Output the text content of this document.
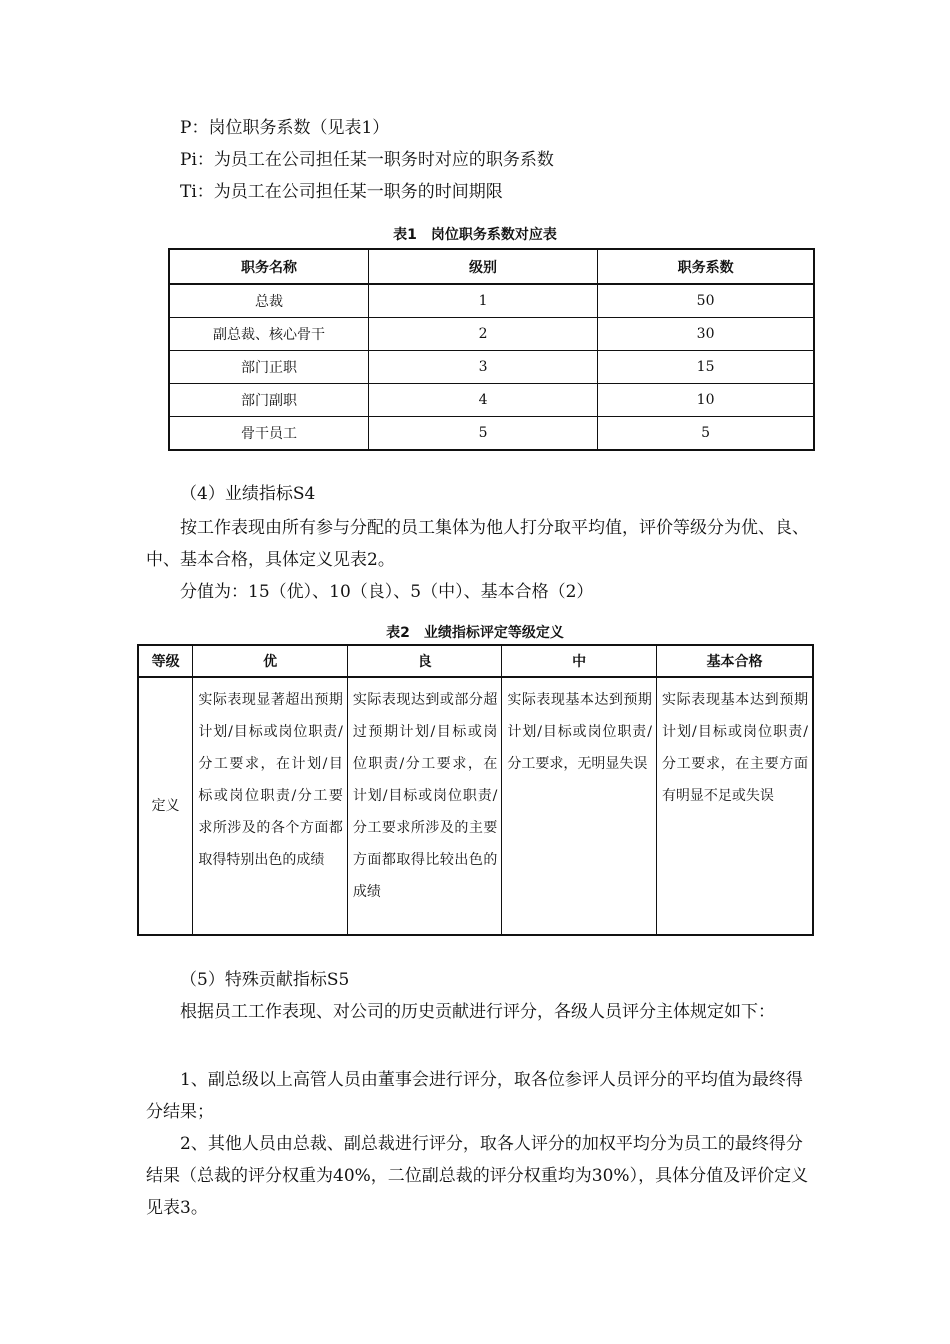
P：岗位职务系数（见表1）
Pi：为员工在公司担任某一职务时对应的职务系数
Ti：为员工在公司担任某一职务的时间期限
表1　岗位职务系数对应表
职务名称	级别	职务系数
总裁	1	50
副总裁、核心骨干	2	30
部门正职	3	15
部门副职	4	10
骨干员工	5	5
（4）业绩指标S4

按工作表现由所有参与分配的员工集体为他人打分取平均值，评价等级分为优、良、中、基本合格，具体定义见表2。

分值为：15（优）、10（良）、5（中）、基本合格（2）
表2　业绩指标评定等级定义
等级	优	良	中	基本合格
定义	实际表现显著超出预期计划/目标或岗位职责/分工要求，在计划/目标或岗位职责/分工要求所涉及的各个方面都取得特别出色的成绩	实际表现达到或部分超过预期计划/目标或岗位职责/分工要求，在计划/目标或岗位职责/分工要求所涉及的主要方面都取得比较出色的成绩	实际表现基本达到预期计划/目标或岗位职责/分工要求，无明显失误	实际表现基本达到预期计划/目标或岗位职责/分工要求，在主要方面有明显不足或失误
（5）特殊贡献指标S5

根据员工工作表现、对公司的历史贡献进行评分，各级人员评分主体规定如下：

1、副总级以上高管人员由董事会进行评分，取各位参评人员评分的平均值为最终得分结果；

2、其他人员由总裁、副总裁进行评分，取各人评分的加权平均分为员工的最终得分结果（总裁的评分权重为40%，二位副总裁的评分权重均为30%），具体分值及评价定义见表3。
